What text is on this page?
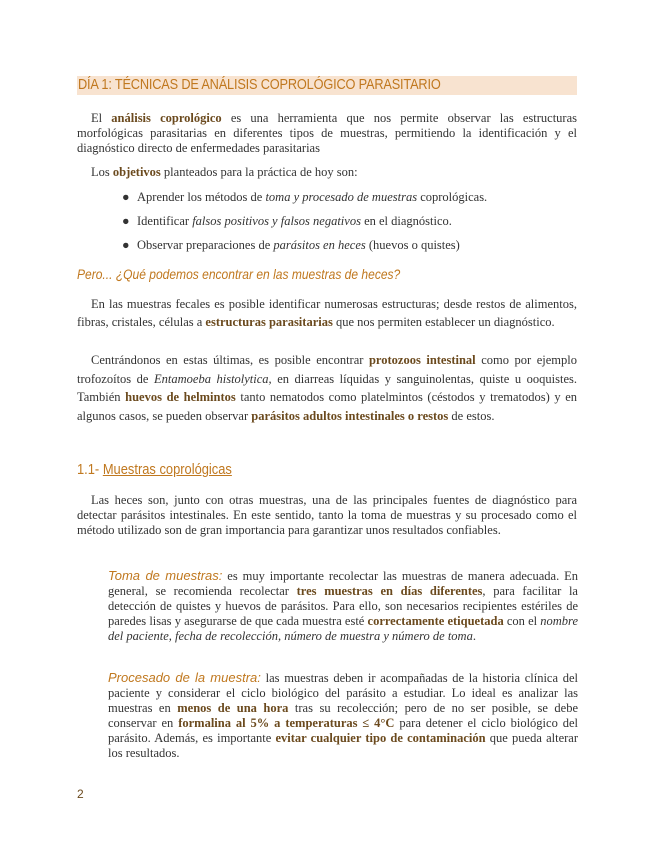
DÍA 1: TÉCNICAS DE ANÁLISIS COPROLÓGICO PARASITARIO

El análisis coprológico es una herramienta que nos permite observar las estructuras morfológicas parasitarias en diferentes tipos de muestras, permitiendo la identificación y el diagnóstico directo de enfermedades parasitarias

Los objetivos planteados para la práctica de hoy son:

● Aprender los métodos de toma y procesado de muestras coprológicas.
● Identificar falsos positivos y falsos negativos en el diagnóstico.
● Observar preparaciones de parásitos en heces (huevos o quistes)
Pero... ¿Qué podemos encontrar en las muestras de heces?

En las muestras fecales es posible identificar numerosas estructuras; desde restos de alimentos, fibras, cristales, células a estructuras parasitarias que nos permiten establecer un diagnóstico.

Centrándonos en estas últimas, es posible encontrar protozoos intestinal como por ejemplo trofozoítos de Entamoeba histolytica, en diarreas líquidas y sanguinolentas, quiste u ooquistes. También huevos de helmintos tanto nematodos como platelmintos (céstodos y trematodos) y en algunos casos, se pueden observar parásitos adultos intestinales o restos de estos.

1.1- Muestras coprológicas

Las heces son, junto con otras muestras, una de las principales fuentes de diagnóstico para detectar parásitos intestinales. En este sentido, tanto la toma de muestras y su procesado como el método utilizado son de gran importancia para garantizar unos resultados confiables.

Toma de muestras: es muy importante recolectar las muestras de manera adecuada. En general, se recomienda recolectar tres muestras en días diferentes, para facilitar la detección de quistes y huevos de parásitos. Para ello, son necesarios recipientes estériles de paredes lisas y asegurarse de que cada muestra esté correctamente etiquetada con el nombre del paciente, fecha de recolección, número de muestra y número de toma.

Procesado de la muestra: las muestras deben ir acompañadas de la historia clínica del paciente y considerar el ciclo biológico del parásito a estudiar. Lo ideal es analizar las muestras en menos de una hora tras su recolección; pero de no ser posible, se debe conservar en formalina al 5% a temperaturas ≤ 4°C para detener el ciclo biológico del parásito. Además, es importante evitar cualquier tipo de contaminación que pueda alterar los resultados.

2
